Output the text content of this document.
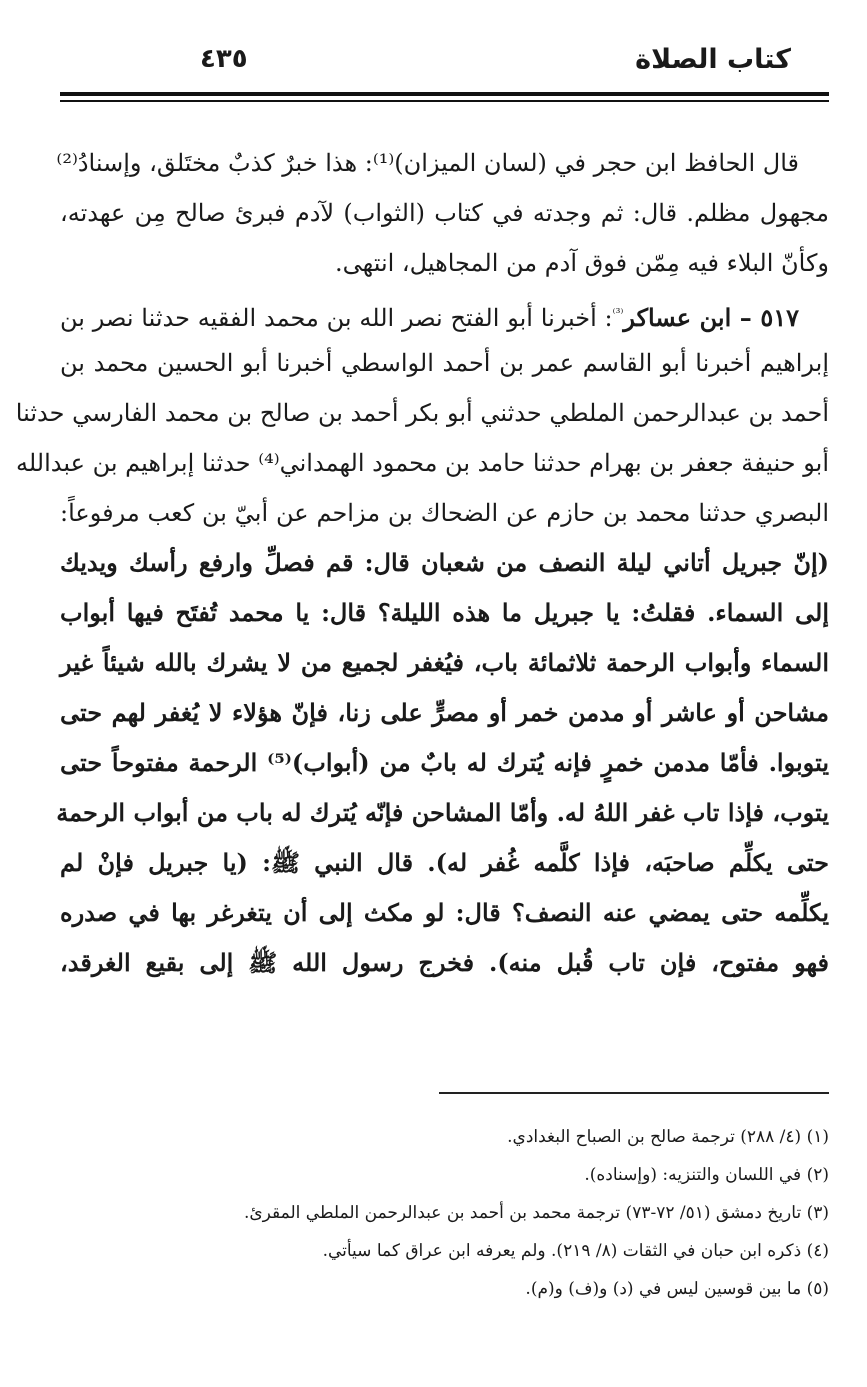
كتاب الصلاة
٤٣٥
قال الحافظ ابن حجر في (لسان الميزان)⁽¹⁾: هذا خبرٌ كذبٌ مختَلق، وإسنادُ⁽²⁾
مجهول مظلم. قال: ثم وجدته في كتاب (الثواب) لآدم فبرئ صالح مِن عهدته،
وكأنّ البلاء فيه مِمّن فوق آدم من المجاهيل، انتهى.
٥١٧ – ابن عساكر$^{^{(3)}}$: أخبرنا أبو الفتح نصر الله بن محمد الفقيه حدثنا نصر بن
إبراهيم أخبرنا أبو القاسم عمر بن أحمد الواسطي أخبرنا أبو الحسين محمد بن
أحمد بن عبدالرحمن الملطي حدثني أبو بكر أحمد بن صالح بن محمد الفارسي حدثنا
أبو حنيفة جعفر بن بهرام حدثنا حامد بن محمود الهمداني⁽⁴⁾ حدثنا إبراهيم بن عبدالله
البصري حدثنا محمد بن حازم عن الضحاك بن مزاحم عن أبيّ بن كعب مرفوعاً:
(إنّ جبريل أتاني ليلة النصف من شعبان قال: قم فصلِّ وارفع رأسك ويديك
إلى السماء. فقلتُ: يا جبريل ما هذه الليلة؟ قال: يا محمد تُفتَح فيها أبواب
السماء وأبواب الرحمة ثلاثمائة باب، فيُغفر لجميع من لا يشرك بالله شيئاً غير
مشاحن أو عاشر أو مدمن خمر أو مصرٍّ على زنا، فإنّ هؤلاء لا يُغفر لهم حتى
يتوبوا. فأمّا مدمن خمرٍ فإنه يُترك له بابٌ من (أبواب)⁽⁵⁾ الرحمة مفتوحاً حتى
يتوب، فإذا تاب غفر اللهُ له. وأمّا المشاحن فإنّه يُترك له باب من أبواب الرحمة
حتى يكلِّم صاحبَه، فإذا كلَّمه غُفر له). قال النبي ﷺ: (يا جبريل فإنْ لم
يكلِّمه حتى يمضي عنه النصف؟ قال: لو مكث إلى أن يتغرغر بها في صدره
فهو مفتوح، فإن تاب قُبل منه). فخرج رسول الله ﷺ إلى بقيع الغرقد،
(١) (٤/ ٢٨٨) ترجمة صالح بن الصباح البغدادي.
(٢) في اللسان والتنزيه: (وإسناده).
(٣) تاريخ دمشق (٥١/ ٧٢-٧٣) ترجمة محمد بن أحمد بن عبدالرحمن الملطي المقرئ.
(٤) ذكره ابن حبان في الثقات (٨/ ٢١٩). ولم يعرفه ابن عراق كما سيأتي.
(٥) ما بين قوسين ليس في (د) و(ف) و(م).
